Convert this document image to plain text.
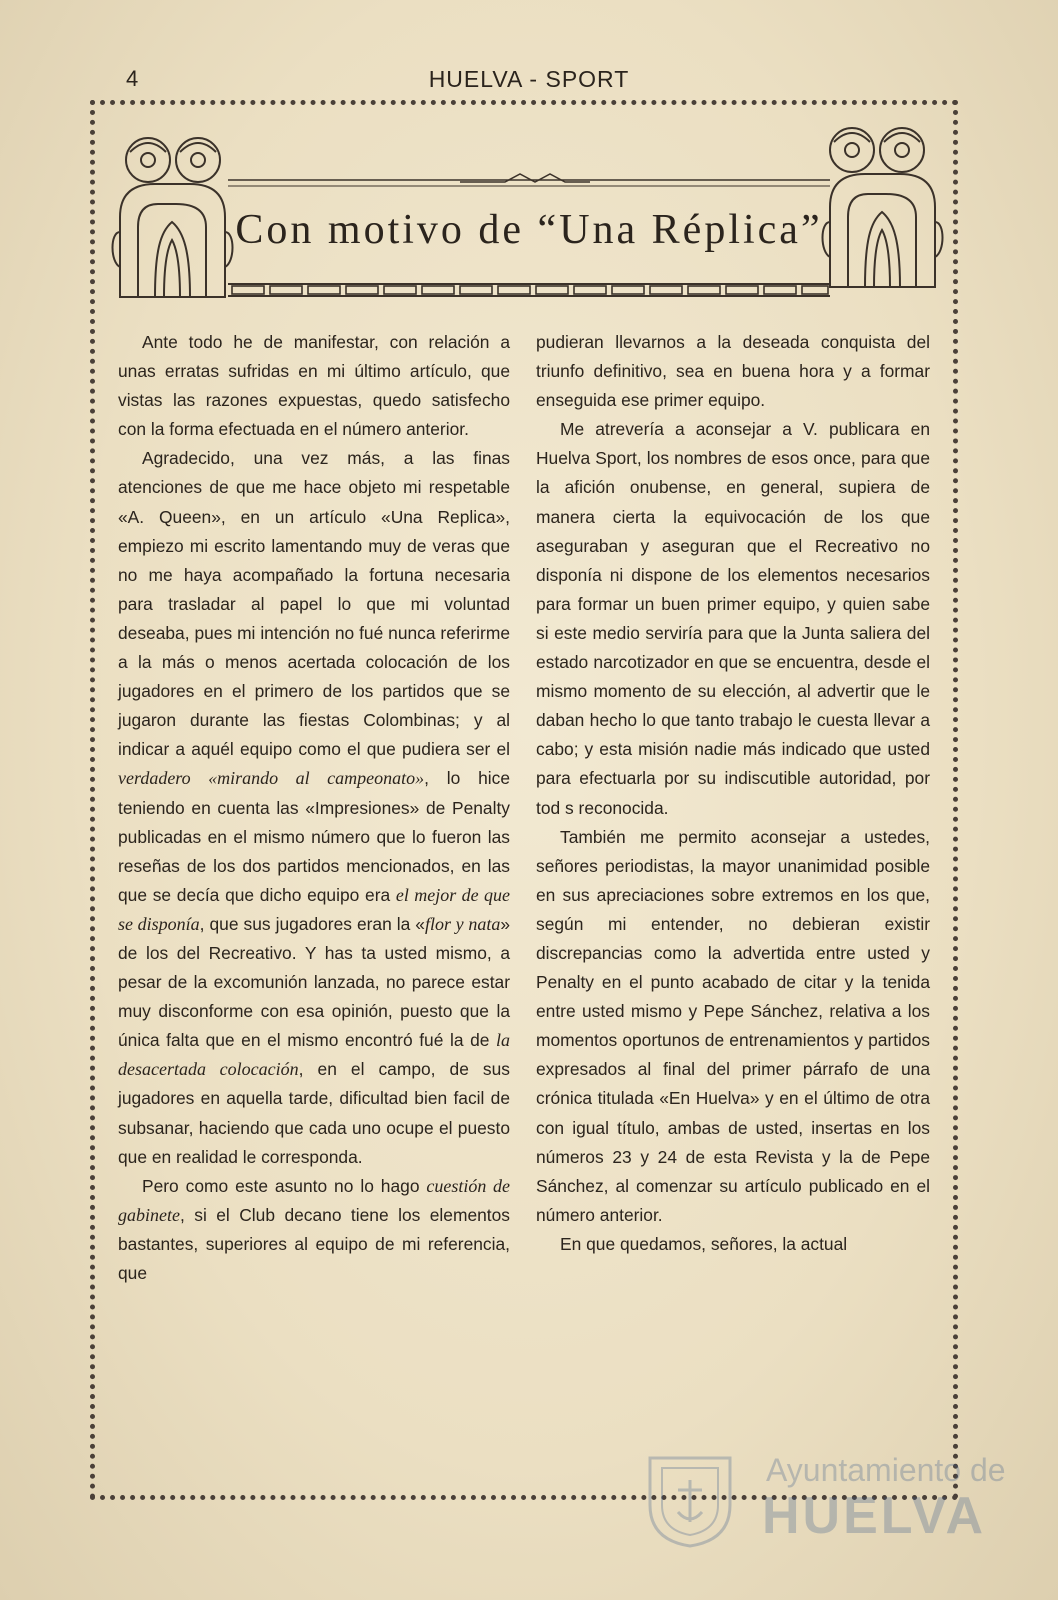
4	HUELVA - SPORT
Con motivo de “Una Réplica”

Ante todo he de manifestar, con relación a unas erratas sufridas en mi último artículo, que vistas las razones expuestas, quedo satisfecho con la forma efectuada en el número anterior.

Agradecido, una vez más, a las finas atenciones de que me hace objeto mi respetable «A. Queen», en un artículo «Una Replica», empiezo mi escrito lamentando muy de veras que no me haya acompañado la fortuna necesaria para trasladar al papel lo que mi voluntad deseaba, pues mi intención no fué nunca referirme a la más o menos acertada colocación de los jugadores en el primero de los partidos que se jugaron durante las fiestas Colombinas; y al indicar a aquél equipo como el que pudiera ser el verdadero «mirando al campeonato», lo hice teniendo en cuenta las «Impresiones» de Penalty publicadas en el mismo número que lo fueron las reseñas de los dos partidos mencionados, en las que se decía que dicho equipo era el mejor de que se disponía, que sus jugadores eran la «flor y nata» de los del Recreativo. Y has ta usted mismo, a pesar de la excomunión lanzada, no parece estar muy disconforme con esa opinión, puesto que la única falta que en el mismo encontró fué la de la desacertada colocación, en el campo, de sus jugadores en aquella tarde, dificultad bien facil de subsanar, haciendo que cada uno ocupe el puesto que en realidad le corresponda.

Pero como este asunto no lo hago cuestión de gabinete, si el Club decano tiene los elementos bastantes, superiores al equipo de mi referencia, que

pudieran llevarnos a la deseada conquista del triunfo definitivo, sea en buena hora y a formar enseguida ese primer equipo.

Me atrevería a aconsejar a V. publicara en Huelva Sport, los nombres de esos once, para que la afición onubense, en general, supiera de manera cierta la equivocación de los que aseguraban y aseguran que el Recreativo no disponía ni dispone de los elementos necesarios para formar un buen primer equipo, y quien sabe si este medio serviría para que la Junta saliera del estado narcotizador en que se encuentra, desde el mismo momento de su elección, al advertir que le daban hecho lo que tanto trabajo le cuesta llevar a cabo; y esta misión nadie más indicado que usted para efectuarla por su indiscutible autoridad, por tod s reconocida.

También me permito aconsejar a ustedes, señores periodistas, la mayor unanimidad posible en sus apreciaciones sobre extremos en los que, según mi entender, no debieran existir discrepancias como la advertida entre usted y Penalty en el punto acabado de citar y la tenida entre usted mismo y Pepe Sánchez, relativa a los momentos oportunos de entrenamientos y partidos expresados al final del primer párrafo de una crónica titulada «En Huelva» y en el último de otra con igual título, ambas de usted, insertas en los números 23 y 24 de esta Revista y la de Pepe Sánchez, al comenzar su artículo publicado en el número anterior.

En que quedamos, señores, la actual

Ayuntamiento de
HUELVA
